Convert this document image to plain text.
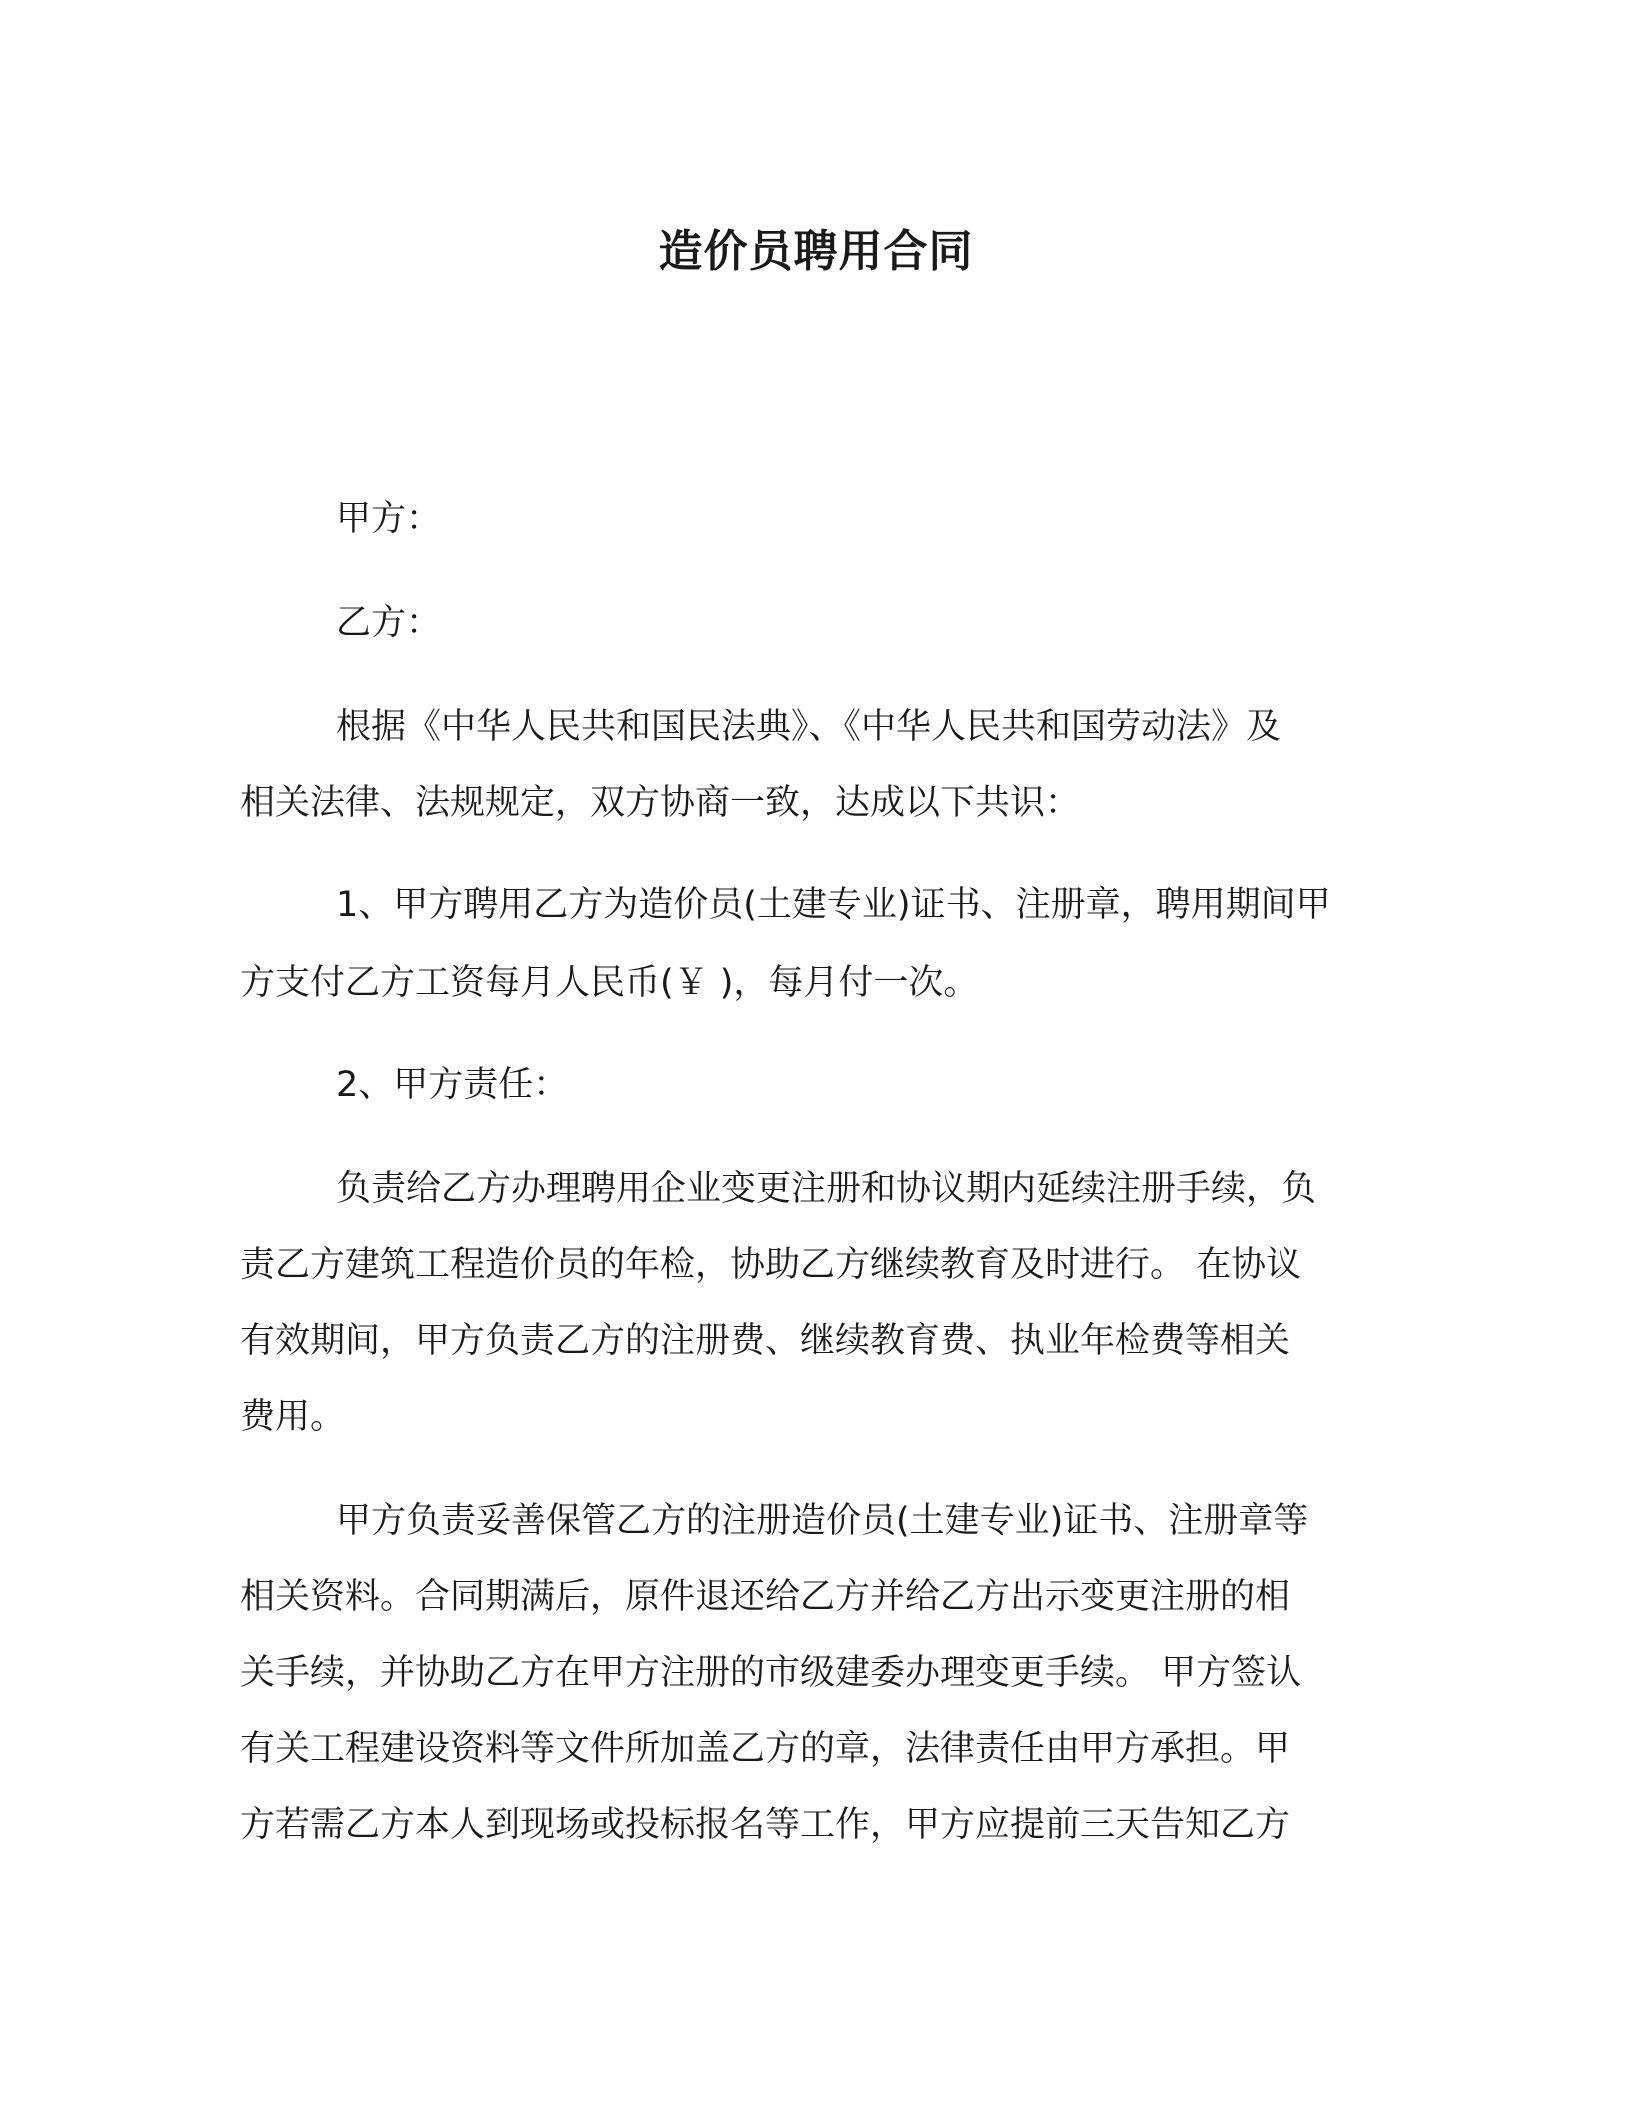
造价员聘用合同
甲方：
乙方：
根据《中华人民共和国民法典》、《中华人民共和国劳动法》及
相关法律、法规规定，双方协商一致，达成以下共识：
1、甲方聘用乙方为造价员(土建专业)证书、注册章，聘用期间甲
方支付乙方工资每月人民币(￥ )，每月付一次。
2、甲方责任：
负责给乙方办理聘用企业变更注册和协议期内延续注册手续，负
责乙方建筑工程造价员的年检，协助乙方继续教育及时进行。 在协议
有效期间，甲方负责乙方的注册费、继续教育费、执业年检费等相关
费用。
甲方负责妥善保管乙方的注册造价员(土建专业)证书、注册章等
相关资料。合同期满后，原件退还给乙方并给乙方出示变更注册的相
关手续，并协助乙方在甲方注册的市级建委办理变更手续。 甲方签认
有关工程建设资料等文件所加盖乙方的章，法律责任由甲方承担。甲
方若需乙方本人到现场或投标报名等工作，甲方应提前三天告知乙方
